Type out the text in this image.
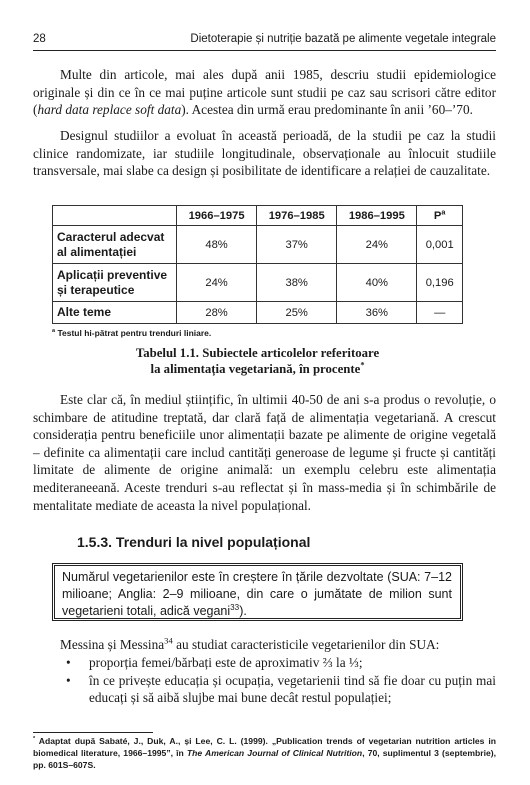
28	Dietoterapie și nutriție bazată pe alimente vegetale integrale
Multe din articole, mai ales după anii 1985, descriu studii epidemiologice originale și din ce în ce mai puține articole sunt studii pe caz sau scrisori către editor (hard data replace soft data). Acestea din urmă erau predominante în anii ’60–’70.
Designul studiilor a evoluat în această perioadă, de la studii pe caz la studii clinice randomizate, iar studiile longitudinale, observaționale au înlocuit studiile transversale, mai slabe ca design și posibilitate de identificare a relației de cauzalitate.
	1966–1975	1976–1985	1986–1995	$P^a$
Caracterul adecvat al alimentației	48%	37%	24%	0,001
Aplicații preventive și terapeutice	24%	38%	40%	0,196
Alte teme	28%	25%	36%	—
$^a$ Testul hi-pătrat pentru trenduri liniare.
Tabelul 1.1. Subiectele articolelor referitoare
la alimentația vegetariană, în procente*
Este clar că, în mediul științific, în ultimii 40-50 de ani s-a produs o revoluție, o schimbare de atitudine treptată, dar clară față de alimentația vegetariană. A crescut considerația pentru beneficiile unor alimentații bazate pe alimente de origine vegetală – definite ca alimentații care includ cantități generoase de legume și fructe și cantități limitate de alimente de origine animală: un exemplu celebru este alimentația mediteraneeană. Aceste trenduri s-au reflectat și în mass-media și în schimbările de mentalitate mediate de aceasta la nivel populațional.
1.5.3. Trenduri la nivel populațional
Numărul vegetarienilor este în creștere în țările dezvoltate (SUA: 7–12 milioane; Anglia: 2–9 milioane, din care o jumătate de milion sunt vegetarieni totali, adică vegani$^{33}$).
Messina și Messina$^{34}$ au studiat caracteristicile vegetarienilor din SUA:
• proporția femei/bărbați este de aproximativ ⅔ la ⅓;
• în ce privește educația și ocupația, vegetarienii tind să fie doar cu puțin mai educați și să aibă slujbe mai bune decât restul populației;
* Adaptat după Sabaté, J., Duk, A., și Lee, C. L. (1999). „Publication trends of vegetarian nutrition articles in biomedical literature, 1966–1995”, în The American Journal of Clinical Nutrition, 70, suplimentul 3 (septembrie), pp. 601S–607S.
